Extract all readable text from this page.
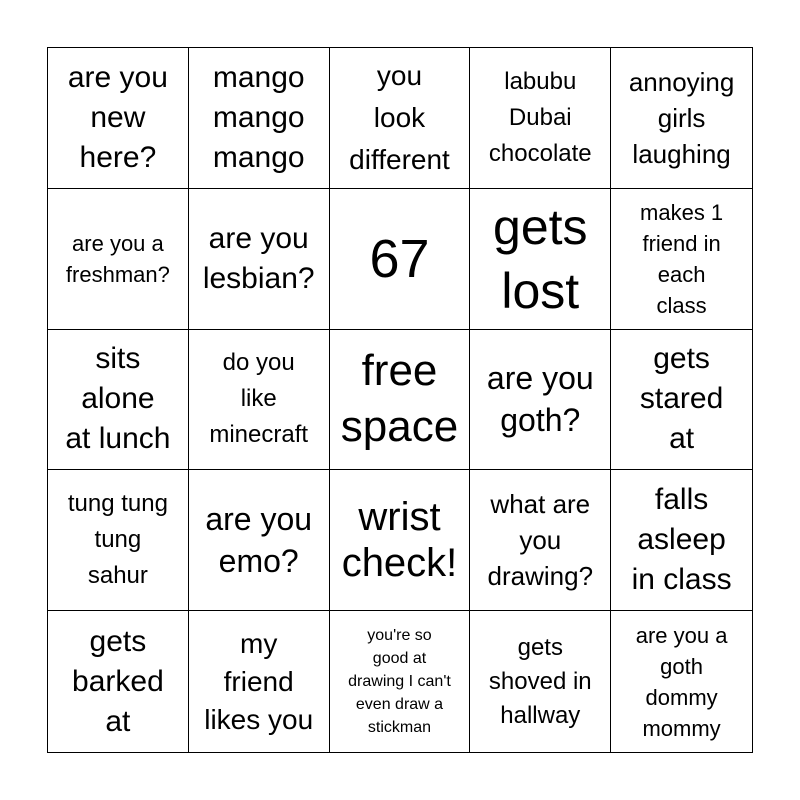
are you
new
here?
mango
mango
mango
you
look
different
labubu
Dubai
chocolate
annoying
girls
laughing
are you a
freshman?
are you
lesbian? 67
gets
lost
makes 1
friend in
each
class
sits
alone
at lunch
do you
like
minecraft
free
space
are you
goth?
gets
stared
at
tung tung
tung
sahur
are you
emo?
wrist
check!
what are
you
drawing?
falls
asleep
in class
gets
barked
at
my
friend
likes you
you're so
good at
drawing I can't
even draw a
stickman
gets
shoved in
hallway
are you a
goth
dommy
mommy
